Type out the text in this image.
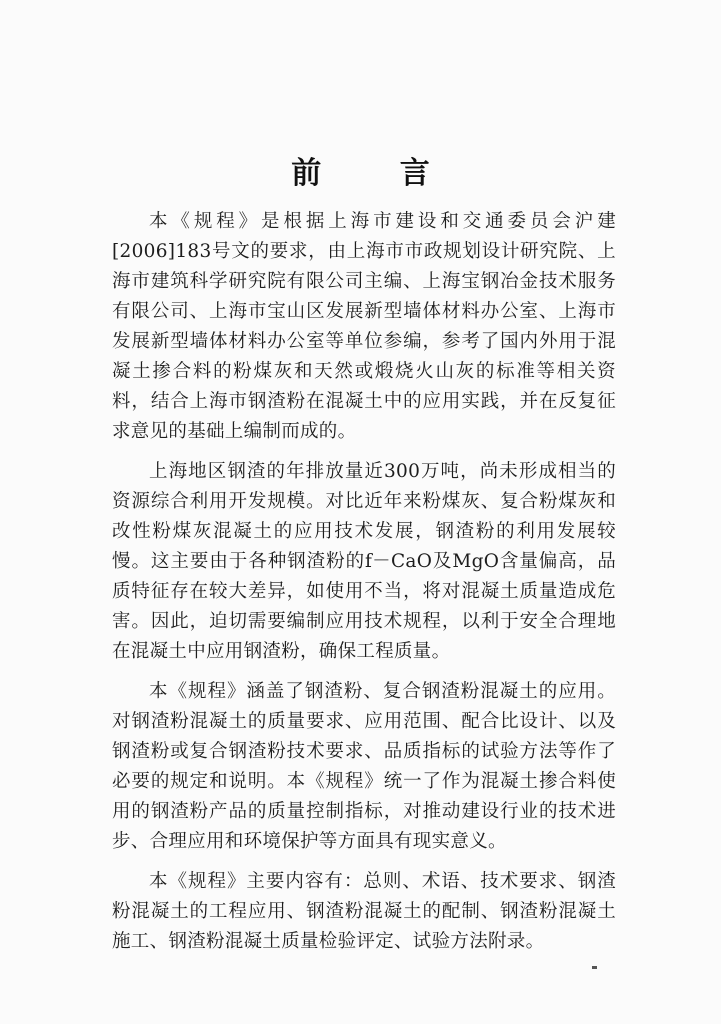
前 言

本《规程》是根据上海市建设和交通委员会沪建[2006]183号文的要求，由上海市市政规划设计研究院、上海市建筑科学研究院有限公司主编、上海宝钢冶金技术服务有限公司、上海市宝山区发展新型墙体材料办公室、上海市发展新型墙体材料办公室等单位参编，参考了国内外用于混凝土掺合料的粉煤灰和天然或煅烧火山灰的标准等相关资料，结合上海市钢渣粉在混凝土中的应用实践，并在反复征求意见的基础上编制而成的。

上海地区钢渣的年排放量近300万吨，尚未形成相当的资源综合利用开发规模。对比近年来粉煤灰、复合粉煤灰和改性粉煤灰混凝土的应用技术发展，钢渣粉的利用发展较慢。这主要由于各种钢渣粉的f－CaO及MgO含量偏高，品质特征存在较大差异，如使用不当，将对混凝土质量造成危害。因此，迫切需要编制应用技术规程，以利于安全合理地在混凝土中应用钢渣粉，确保工程质量。

本《规程》涵盖了钢渣粉、复合钢渣粉混凝土的应用。对钢渣粉混凝土的质量要求、应用范围、配合比设计、以及钢渣粉或复合钢渣粉技术要求、品质指标的试验方法等作了必要的规定和说明。本《规程》统一了作为混凝土掺合料使用的钢渣粉产品的质量控制指标，对推动建设行业的技术进步、合理应用和环境保护等方面具有现实意义。

本《规程》主要内容有：总则、术语、技术要求、钢渣粉混凝土的工程应用、钢渣粉混凝土的配制、钢渣粉混凝土施工、钢渣粉混凝土质量检验评定、试验方法附录。
